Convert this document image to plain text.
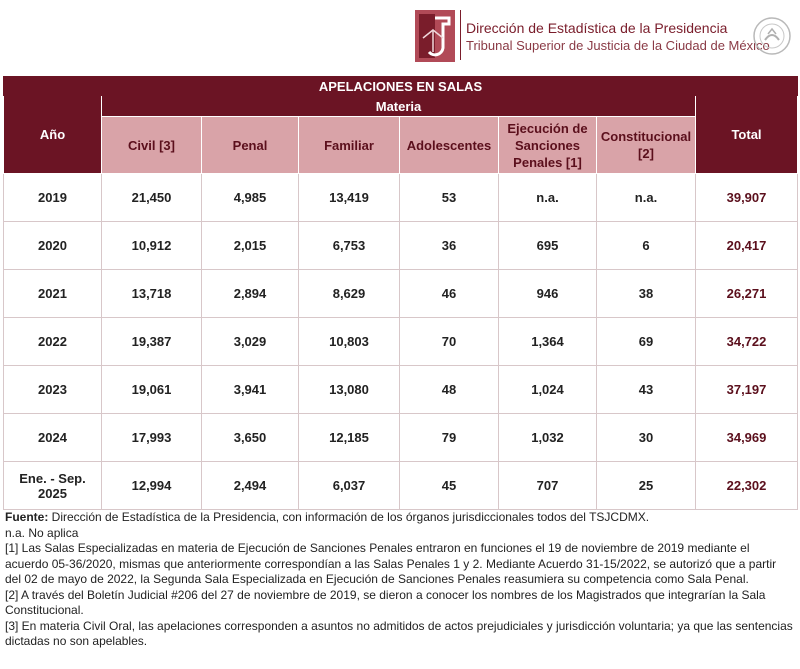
Dirección de Estadística de la Presidencia
Tribunal Superior de Justicia de la Ciudad de México
APELACIONES EN SALAS							
Año	Materia						Total
	Civil [3]	Penal	Familiar	Adolescentes	Ejecución de Sanciones Penales [1]	Constitucional [2]	
2019	21,450	4,985	13,419	53	n.a.	n.a.	39,907
2020	10,912	2,015	6,753	36	695	6	20,417
2021	13,718	2,894	8,629	46	946	38	26,271
2022	19,387	3,029	10,803	70	1,364	69	34,722
2023	19,061	3,941	13,080	48	1,024	43	37,197
2024	17,993	3,650	12,185	79	1,032	30	34,969
Ene. - Sep. 2025	12,994	2,494	6,037	45	707	25	22,302

Fuente: Dirección de Estadística de la Presidencia, con información de los órganos jurisdiccionales todos del TSJCDMX.

n.a. No aplica

[1] Las Salas Especializadas en materia de Ejecución de Sanciones Penales entraron en funciones el 19 de noviembre de 2019 mediante el acuerdo 05-36/2020, mismas que anteriormente correspondían a las Salas Penales 1 y 2. Mediante Acuerdo 31-15/2022, se autorizó que a partir del 02 de mayo de 2022, la Segunda Sala Especializada en Ejecución de Sanciones Penales reasumiera su competencia como Sala Penal.

[2] A través del Boletín Judicial #206 del 27 de noviembre de 2019, se dieron a conocer los nombres de los Magistrados que integrarían la Sala Constitucional.

[3] En materia Civil Oral, las apelaciones corresponden a asuntos no admitidos de actos prejudiciales y jurisdicción voluntaria; ya que las sentencias dictadas no son apelables.
